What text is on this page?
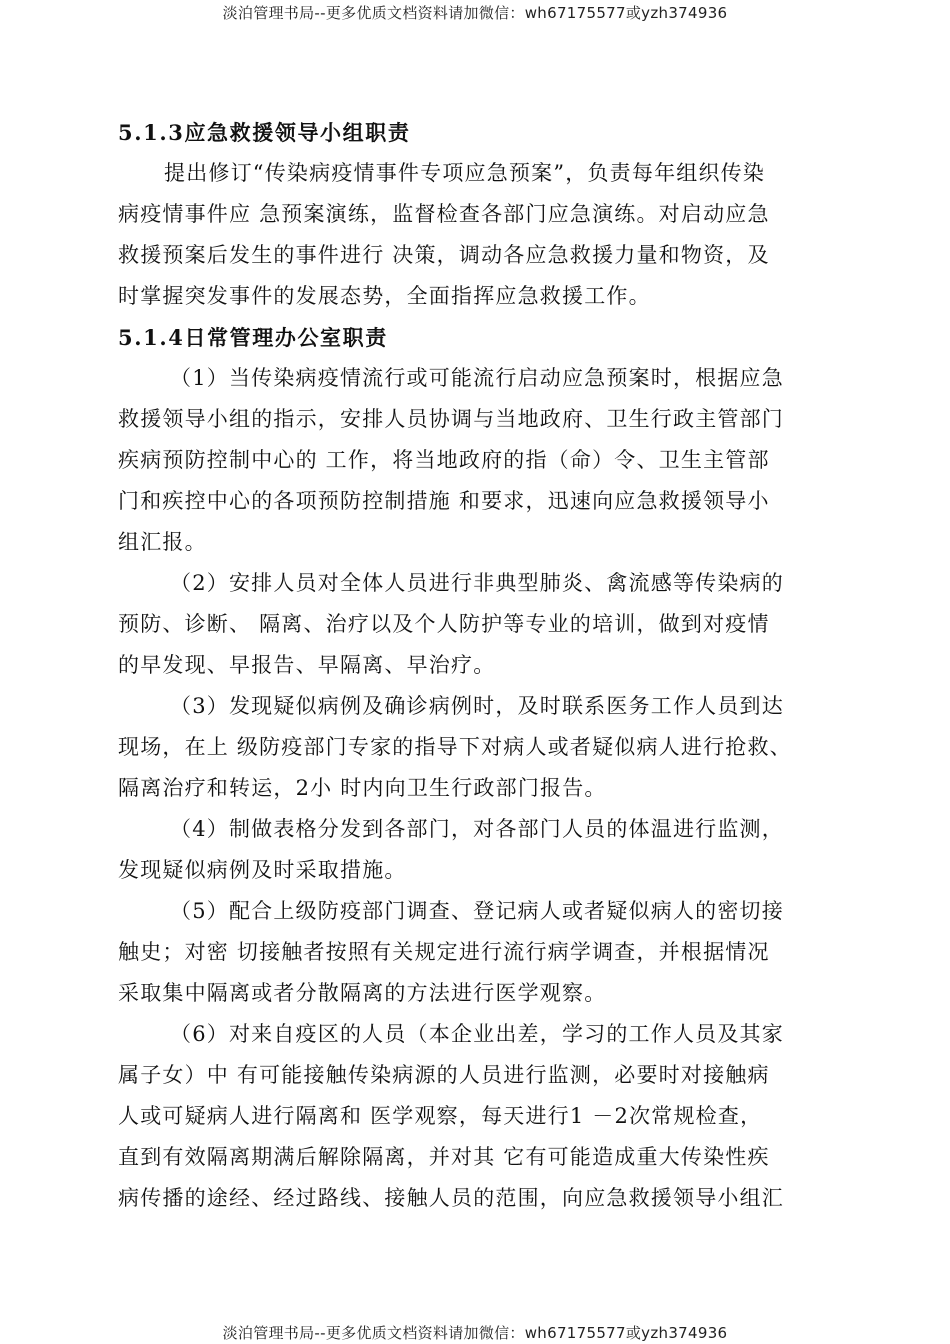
淡泊管理书局--更多优质文档资料请加微信：wh67175577或yzh374936
5.1.3应急救援领导小组职责
提出修订“传染病疫情事件专项应急预案”，负责每年组织传染
病疫情事件应 急预案演练，监督检查各部门应急演练。对启动应急
救援预案后发生的事件进行 决策，调动各应急救援力量和物资，及
时掌握突发事件的发展态势，全面指挥应急救援工作。
5.1.4日常管理办公室职责
（1）当传染病疫情流行或可能流行启动应急预案时，根据应急
救援领导小组的指示，安排人员协调与当地政府、卫生行政主管部门
疾病预防控制中心的 工作，将当地政府的指（命）令、卫生主管部
门和疾控中心的各项预防控制措施 和要求，迅速向应急救援领导小
组汇报。
（2）安排人员对全体人员进行非典型肺炎、禽流感等传染病的
预防、诊断、 隔离、治疗以及个人防护等专业的培训，做到对疫情
的早发现、早报告、早隔离、早治疗。
（3）发现疑似病例及确诊病例时，及时联系医务工作人员到达
现场，在上 级防疫部门专家的指导下对病人或者疑似病人进行抢救、
隔离治疗和转运，2小 时内向卫生行政部门报告。
（4）制做表格分发到各部门，对各部门人员的体温进行监测，
发现疑似病例及时采取措施。
（5）配合上级防疫部门调查、登记病人或者疑似病人的密切接
触史；对密 切接触者按照有关规定进行流行病学调查，并根据情况
采取集中隔离或者分散隔离的方法进行医学观察。
（6）对来自疫区的人员（本企业出差，学习的工作人员及其家
属子女）中 有可能接触传染病源的人员进行监测，必要时对接触病
人或可疑病人进行隔离和 医学观察，每天进行1 －2次常规检查，
直到有效隔离期满后解除隔离，并对其 它有可能造成重大传染性疾
病传播的途经、经过路线、接触人员的范围，向应急救援领导小组汇
淡泊管理书局--更多优质文档资料请加微信：wh67175577或yzh374936
